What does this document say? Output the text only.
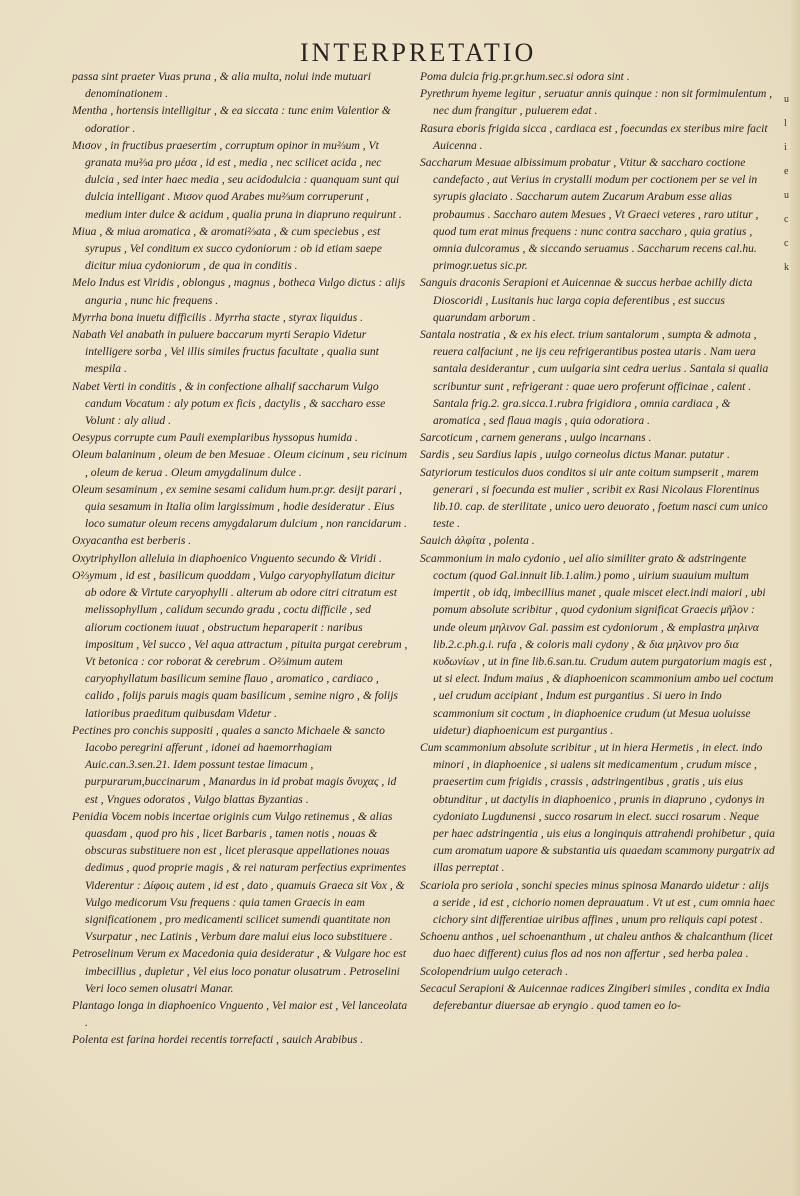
INTERPRETATIO

passa sint praeter Vuas pruna , & alia multa, nolui inde mutuari denominationem .

Mentha , hortensis intelligitur , & ea siccata : tunc enim Valentior & odoratior .

Mισον , in fructibus praesertim , corruptum opinor in mu⅔um , Vt granata mu⅔a pro μέσα , id est , media , nec scilicet acida , nec dulcia , sed inter haec media , seu acidodulcia : quanquam sunt qui dulcia intelligant . Mισον quod Arabes mu⅔um corruperunt , medium inter dulce & acidum , qualia pruna in diapruno requirunt .

Miua , & miua aromatica , & aromati⅔ata , & cum speciebus , est syrupus , Vel conditum ex succo cydoniorum : ob id etiam saepe dicitur miua cydoniorum , de qua in conditis .

Melo Indus est Viridis , oblongus , magnus , botheca Vulgo dictus : alijs anguria , nunc hic frequens .

Myrrha bona inuetu difficilis . Myrrha stacte , styrax liquidus .

Nabath Vel anabath in puluere baccarum myrti Serapio Videtur intelligere sorba , Vel illis similes fructus facultate , qualia sunt mespila .

Nabet Verti in conditis , & in confectione alhalif saccharum Vulgo candum Vocatum : aly potum ex ficis , dactylis , & saccharo esse Volunt : aly aliud .

Oesypus corrupte cum Pauli exemplaribus hyssopus humida .

Oleum balaninum , oleum de ben Mesuae . Oleum cicinum , seu ricinum , oleum de kerua . Oleum amygdalinum dulce .

Oleum sesaminum , ex semine sesami calidum hum.pr.gr. desijt parari , quia sesamum in Italia olim largissimum , hodie desideratur . Eius loco sumatur oleum recens amygdalarum dulcium , non rancidarum .

Oxyacantha est berberis .

Oxytriphyllon alleluia in diaphoenico Vnguento secundo & Viridi .

O⅔ymum , id est , basilicum quoddam , Vulgo caryophyllatum dicitur ab odore & Virtute caryophylli . alterum ab odore citri citratum est melissophyllum , calidum secundo gradu , coctu difficile , sed aliorum coctionem iuuat , obstructum heparaperit : naribus impositum , Vel succo , Vel aqua attractum , pituita purgat cerebrum , Vt betonica : cor roborat & cerebrum . O⅔imum autem caryophyllatum basilicum semine flauo , aromatico , cardiaco , calido , folijs paruis magis quam basilicum , semine nigro , & folijs latioribus praeditum quibusdam Videtur .

Pectines pro conchis suppositi , quales a sancto Michaele & sancto Iacobo peregrini afferunt , idonei ad haemorrhagiam Auic.can.3.sen.21. Idem possunt testae limacum , purpurarum,buccinarum , Manardus in id probat magis ὄνυχας , id est , Vngues odoratos , Vulgo blattas Byzantias .

Penidia Vocem nobis incertae originis cum Vulgo retinemus , & alias quasdam , quod pro his , licet Barbaris , tamen notis , nouas & obscuras substituere non est , licet plerasque appellationes nouas dedimus , quod proprie magis , & rei naturam perfectius exprimentes Viderentur : Δίφοις autem , id est , dato , quamuis Graeca sit Vox , & Vulgo medicorum Vsu frequens : quia tamen Graecis in eam significationem , pro medicamenti scilicet sumendi quantitate non Vsurpatur , nec Latinis , Verbum dare malui eius loco substituere .

Petroselinum Verum ex Macedonia quia desideratur , & Vulgare hoc est imbecillius , dupletur , Vel eius loco ponatur olusatrum . Petroselini Veri loco semen olusatri Manar.

Plantago longa in diaphoenico Vnguento , Vel maior est , Vel lanceolata .

Polenta est farina hordei recentis torrefacti , sauich Arabibus .

Poma dulcia frig.pr.gr.hum.sec.si odora sint .

Pyrethrum hyeme legitur , seruatur annis quinque : non sit formimulentum , nec dum frangitur , puluerem edat .

Rasura eboris frigida sicca , cardiaca est , foecundas ex steribus mire facit Auicenna .

Saccharum Mesuae albissimum probatur , Vtitur & saccharo coctione candefacto , aut Verius in crystalli modum per coctionem per se vel in syrupis glaciato . Saccharum autem Zucarum Arabum esse alias probaumus . Saccharo autem Mesues , Vt Graeci veteres , raro utitur , quod tum erat minus frequens : nunc contra saccharo , quia gratius , omnia dulcoramus , & siccando seruamus . Saccharum recens cal.hu. primogr.uetus sic.pr.

Sanguis draconis Serapioni et Auicennae & succus herbae achilly dicta Dioscoridi , Lusitanis huc larga copia deferentibus , est succus quarundam arborum .

Santala nostratia , & ex his elect. trium santalorum , sumpta & admota , reuera calfaciunt , ne ijs ceu refrigerantibus postea utaris . Nam uera santala desiderantur , cum uulgaria sint cedra uerius . Santala si qualia scribuntur sunt , refrigerant : quae uero proferunt officinae , calent . Santala frig.2. gra.sicca.1.rubra frigidiora , omnia cardiaca , & aromatica , sed flaua magis , quia odoratiora .

Sarcoticum , carnem generans , uulgo incarnans .

Sardis , seu Sardius lapis , uulgo corneolus dictus Manar. putatur .

Satyriorum testiculos duos conditos si uir ante coitum sumpserit , marem generari , si foecunda est mulier , scribit ex Rasi Nicolaus Florentinus lib.10. cap. de sterilitate , unico uero deuorato , foetum nasci cum unico teste .

Sauich ἀλφίτα , polenta .

Scammonium in malo cydonio , uel alio similiter grato & adstringente coctum (quod Gal.innuit lib.1.alim.) pomo , uirium suauium multum impertit , ob idq, imbecillius manet , quale miscet elect.indi maiori , ubi pomum absolute scribitur , quod cydonium significat Graecis μῆλον : unde oleum μηλινον Gal. passim est cydoniorum , & emplastra μηλινα lib.2.c.ph.g.i. rufa , & coloris mali cydony , & δια μηλινον pro δια κυδωνίων , ut in fine lib.6.san.tu. Crudum autem purgatorium magis est , ut si elect. Indum maius , & diaphoenicon scammonium ambo uel coctum , uel crudum accipiant , Indum est purgantius . Si uero in Indo scammonium sit coctum , in diaphoenice crudum (ut Mesua uoluisse uidetur) diaphoenicum est purgantius .

Cum scammonium absolute scribitur , ut in hiera Hermetis , in elect. indo minori , in diaphoenice , si ualens sit medicamentum , crudum misce , praesertim cum frigidis , crassis , adstringentibus , gratis , uis eius obtunditur , ut dactylis in diaphoenico , prunis in diapruno , cydonys in cydoniato Lugdunensi , succo rosarum in elect. succi rosarum . Neque per haec adstringentia , uis eius a longinquis attrahendi prohibetur , quia cum aromatum uapore & substantia uis quaedam scammony purgatrix ad illas perreptat .

Scariola pro seriola , sonchi species minus spinosa Manardo uidetur : alijs a seride , id est , cichorio nomen deprauatum . Vt ut est , cum omnia haec cichory sint differentiae uiribus affines , unum pro reliquis capi potest .

Schoenu anthos , uel schoenanthum , ut chaleu anthos & chalcanthum (licet duo haec different) cuius flos ad nos non affertur , sed herba palea .

Scolopendrium uulgo ceterach .

Secacul Serapioni & Auicennae radices Zingiberi similes , condita ex India deferebantur diuersae ab eryngio . quod tamen eo lo-

u
l
i
e
u
c
c
k
